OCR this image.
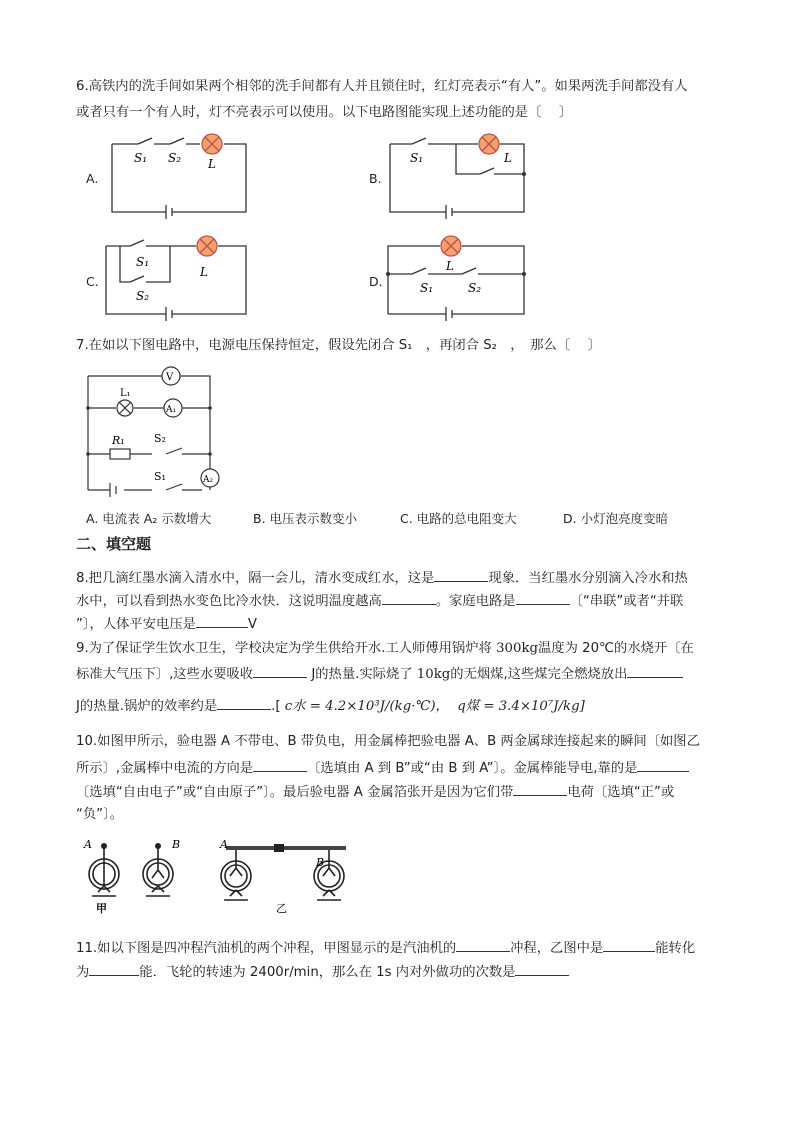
6.高铁内的洗手间如果两个相邻的洗手间都有人并且锁住时，红灯亮表示“有人”。如果两洗手间都没有人
或者只有一个有人时，灯不亮表示可以使用。以下电路图能实现上述功能的是〔　 〕
A.
S₁ S₂ L
B.
S₁	L
C.
S₁
S₂
L
D.
L
S₁	S₂
7.在如以下图电路中，电源电压保持恒定，假设先闭合 S₁　，再闭合 S₂　，　那么〔　 〕
V
L₁
A₁
R₁	S₂
S₁	A₂
A. 电流表 A₂ 示数增大	B. 电压表示数变小	C. 电路的总电阻变大	D. 小灯泡亮度变暗
二、填空题
8.把几滴红墨水滴入清水中，隔一会儿，清水变成红水，这是	现象．当红墨水分别滴入冷水和热
水中，可以看到热水变色比冷水快．这说明温度越高	。家庭电路是	〔“串联”或者“并联
”〕，人体平安电压是	V
9.为了保证学生饮水卫生，学校决定为学生供给开水.工人师傅用锅炉将 300kg温度为 20℃的水烧开〔在
标准大气压下〕,这些水要吸收	J的热量.实际烧了 10kg的无烟煤,这些煤完全燃烧放出
J的热量.锅炉的效率约是	.[ c水 = 4.2×10³J/(kg·℃)， q煤 = 3.4×10⁷J/kg]
10.如图甲所示，验电器 A 不带电、B 带负电，用金属棒把验电器 A、B 两金属球连接起来的瞬间〔如图乙
所示〕,金属棒中电流的方向是	〔选填由 A 到 B”或“由 B 到 A”〕。金属棒能导电,靠的是
〔选填“自由电子”或“自由原子”〕。最后验电器 A 金属箔张开是因为它们带	电荷〔选填“正”或
“负”〕。
A	B	A
B
甲	乙
11.如以下图是四冲程汽油机的两个冲程，甲图显示的是汽油机的	冲程，乙图中是	能转化
为	能．飞轮的转速为 2400r/min，那么在 1s 内对外做功的次数是
